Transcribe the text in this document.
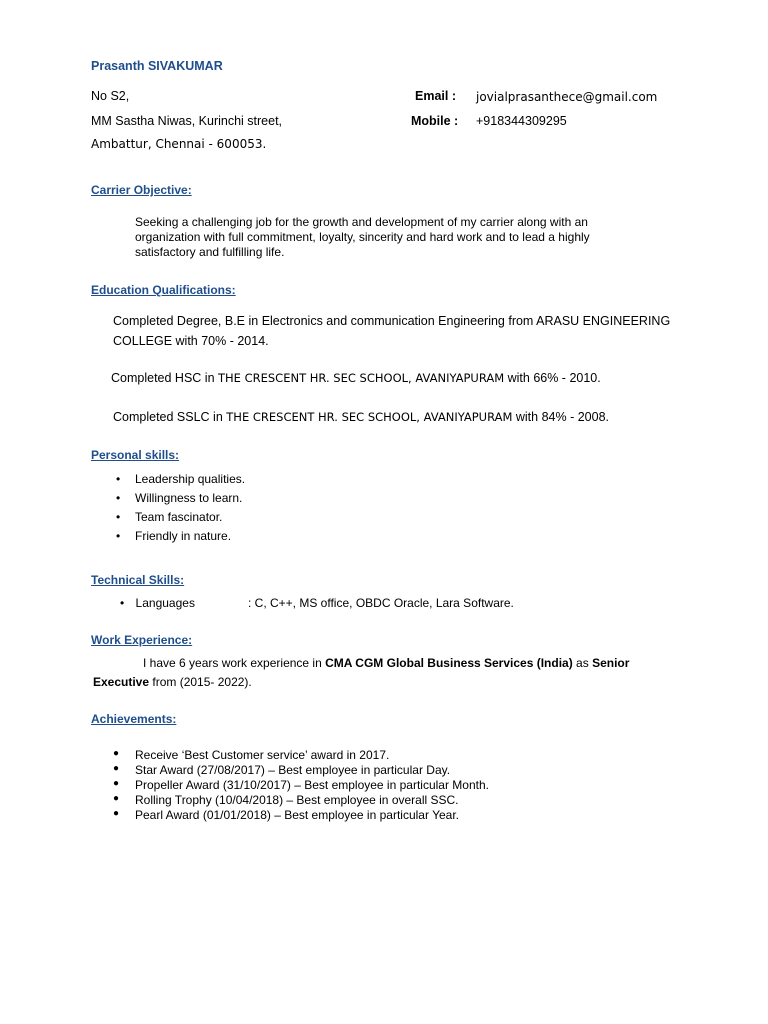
Prasanth SIVAKUMAR
No S2,
MM Sastha Niwas, Kurinchi street,
Ambattur, Chennai - 600053.
Email : jovialprasanthece@gmail.com
Mobile : +918344309295
Carrier Objective:
Seeking a challenging job for the growth and development of my carrier along with an organization with full commitment, loyalty, sincerity and hard work and to lead a highly satisfactory and fulfilling life.
Education Qualifications:
Completed Degree, B.E in Electronics and communication Engineering from ARASU ENGINEERING
COLLEGE with 70% - 2014.
Completed HSC in THE CRESCENT HR. SEC SCHOOL, AVANIYAPURAM with 66% - 2010.
Completed SSLC in THE CRESCENT HR. SEC SCHOOL, AVANIYAPURAM with 84% - 2008.
Personal skills:
•	Leadership qualities.
•	Willingness to learn.
•	Team fascinator.
•	Friendly in nature.
Technical Skills:
• Languages	: C, C++, MS office, OBDC Oracle, Lara Software.
Work Experience:
I have 6 years work experience in CMA CGM Global Business Services (India) as Senior
Executive from (2015- 2022).
Achievements:
●	Receive ‘Best Customer service’ award in 2017.
●	Star Award (27/08/2017) – Best employee in particular Day.
●	Propeller Award (31/10/2017) – Best employee in particular Month.
●	Rolling Trophy (10/04/2018) – Best employee in overall SSC.
●	Pearl Award (01/01/2018) – Best employee in particular Year.
